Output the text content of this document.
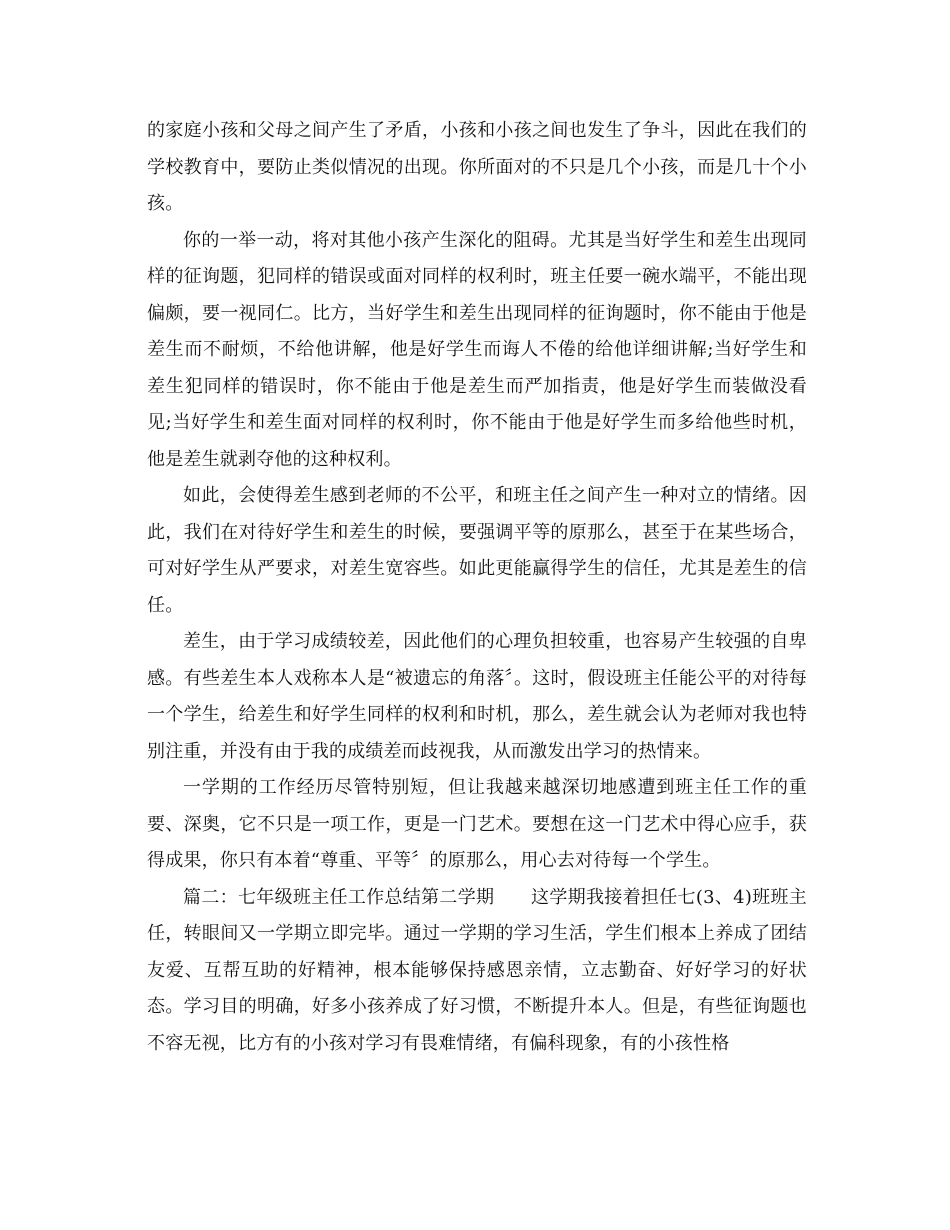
的家庭小孩和父母之间产生了矛盾，小孩和小孩之间也发生了争斗，因此在我们的学校教育中，要防止类似情况的出现。你所面对的不只是几个小孩，而是几十个小孩。

你的一举一动，将对其他小孩产生深化的阻碍。尤其是当好学生和差生出现同样的征询题，犯同样的错误或面对同样的权利时，班主任要一碗水端平，不能出现偏颇，要一视同仁。比方，当好学生和差生出现同样的征询题时，你不能由于他是差生而不耐烦，不给他讲解，他是好学生而诲人不倦的给他详细讲解;当好学生和差生犯同样的错误时，你不能由于他是差生而严加指责，他是好学生而装做没看见;当好学生和差生面对同样的权利时，你不能由于他是好学生而多给他些时机，他是差生就剥夺他的这种权利。

如此，会使得差生感到老师的不公平，和班主任之间产生一种对立的情绪。因此，我们在对待好学生和差生的时候，要强调平等的原那么，甚至于在某些场合，可对好学生从严要求，对差生宽容些。如此更能赢得学生的信任，尤其是差生的信任。

差生，由于学习成绩较差，因此他们的心理负担较重，也容易产生较强的自卑感。有些差生本人戏称本人是“被遗忘的角落〞。这时，假设班主任能公平的对待每一个学生，给差生和好学生同样的权利和时机，那么，差生就会认为老师对我也特别注重，并没有由于我的成绩差而歧视我，从而激发出学习的热情来。

一学期的工作经历尽管特别短，但让我越来越深切地感遭到班主任工作的重要、深奥，它不只是一项工作，更是一门艺术。要想在这一门艺术中得心应手，获得成果，你只有本着“尊重、平等〞的原那么，用心去对待每一个学生。

篇二：七年级班主任工作总结第二学期　　这学期我接着担任七(3、4)班班主任，转眼间又一学期立即完毕。通过一学期的学习生活，学生们根本上养成了团结友爱、互帮互助的好精神，根本能够保持感恩亲情，立志勤奋、好好学习的好状态。学习目的明确，好多小孩养成了好习惯，不断提升本人。但是，有些征询题也不容无视，比方有的小孩对学习有畏难情绪，有偏科现象，有的小孩性格
